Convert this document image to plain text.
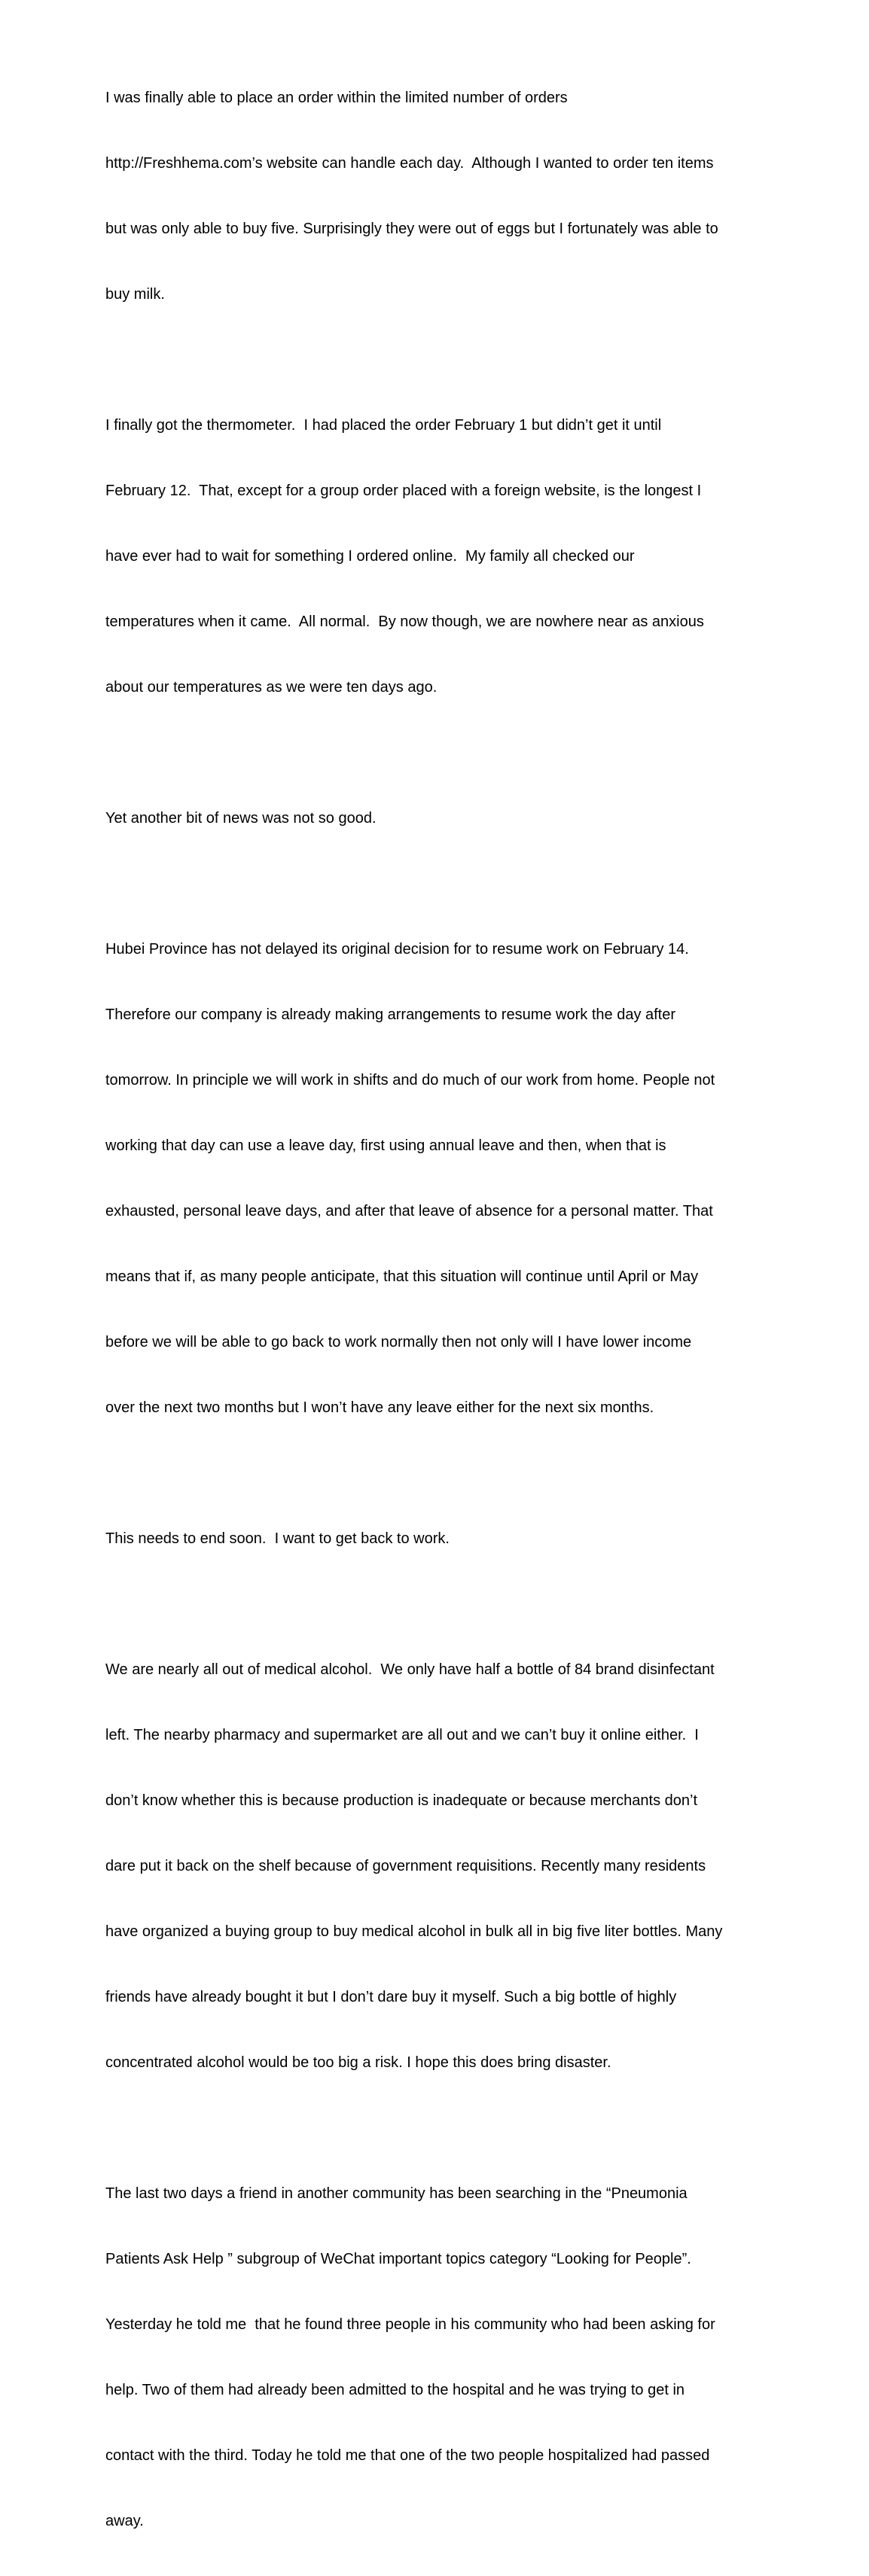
I was finally able to place an order within the limited number of orders

http://Freshhema.com’s website can handle each day.  Although I wanted to order ten items

but was only able to buy five. Surprisingly they were out of eggs but I fortunately was able to

buy milk.

I finally got the thermometer.  I had placed the order February 1 but didn’t get it until

February 12.  That, except for a group order placed with a foreign website, is the longest I

have ever had to wait for something I ordered online.  My family all checked our

temperatures when it came.  All normal.  By now though, we are nowhere near as anxious

about our temperatures as we were ten days ago.

Yet another bit of news was not so good.

Hubei Province has not delayed its original decision for to resume work on February 14.

Therefore our company is already making arrangements to resume work the day after

tomorrow. In principle we will work in shifts and do much of our work from home. People not

working that day can use a leave day, first using annual leave and then, when that is

exhausted, personal leave days, and after that leave of absence for a personal matter. That

means that if, as many people anticipate, that this situation will continue until April or May

before we will be able to go back to work normally then not only will I have lower income

over the next two months but I won’t have any leave either for the next six months.

This needs to end soon.  I want to get back to work.

We are nearly all out of medical alcohol.  We only have half a bottle of 84 brand disinfectant

left. The nearby pharmacy and supermarket are all out and we can’t buy it online either.  I

don’t know whether this is because production is inadequate or because merchants don’t

dare put it back on the shelf because of government requisitions. Recently many residents

have organized a buying group to buy medical alcohol in bulk all in big five liter bottles. Many

friends have already bought it but I don’t dare buy it myself. Such a big bottle of highly

concentrated alcohol would be too big a risk. I hope this does bring disaster.

The last two days a friend in another community has been searching in the “Pneumonia

Patients Ask Help ” subgroup of WeChat important topics category “Looking for People”.

Yesterday he told me  that he found three people in his community who had been asking for

help. Two of them had already been admitted to the hospital and he was trying to get in

contact with the third. Today he told me that one of the two people hospitalized had passed

away.
